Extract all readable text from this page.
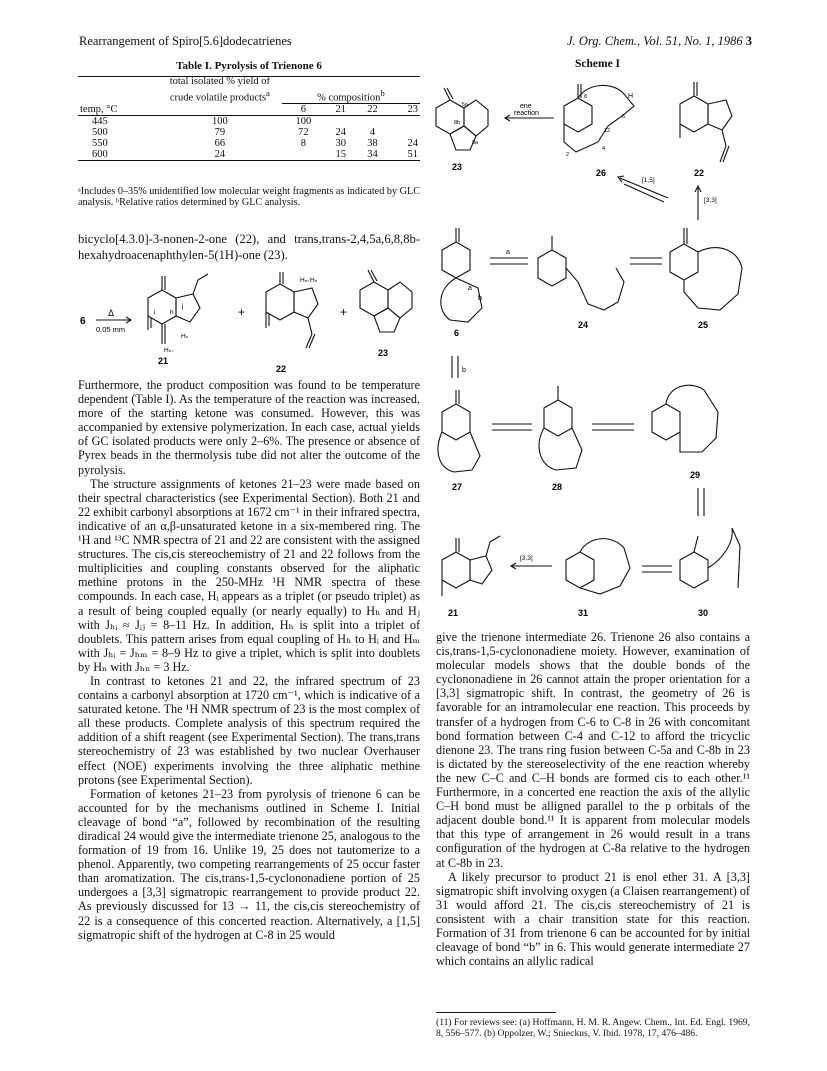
Rearrangement of Spiro[5.6]dodecatrienes	J. Org. Chem., Vol. 51, No. 1, 1986 3
Table I. Pyrolysis of Trienone 6
	total isolated % yield of crude volatile products$^a$	% composition$^b$
temp, °C		6	21	22	23
445	100	100			
500	79	72	24	4	
550	66	8	30	38	24
600	24		15	34	51
ᵃIncludes 0–35% unidentified low molecular weight fragments as indicated by GLC analysis. ᵇRelative ratios determined by GLC analysis.

bicyclo[4.3.0]-3-nonen-2-one (22), and trans,trans-2,4,5a,6,8,8b-hexahydroacenaphthylen-5(1H)-one (23).

6
Δ
0.05 mm
21
22
23
+	+
Hₙ
Hₘ
Hₘ Hₙ
h
i
j

Furthermore, the product composition was found to be temperature dependent (Table I). As the temperature of the reaction was increased, more of the starting ketone was consumed. However, this was accompanied by extensive polymerization. In each case, actual yields of GC isolated products were only 2–6%. The presence or absence of Pyrex beads in the thermolysis tube did not alter the outcome of the pyrolysis.

The structure assignments of ketones 21–23 were made based on their spectral characteristics (see Experimental Section). Both 21 and 22 exhibit carbonyl absorptions at 1672 cm⁻¹ in their infrared spectra, indicative of an α,β-unsaturated ketone in a six-membered ring. The ¹H and ¹³C NMR spectra of 21 and 22 are consistent with the assigned structures. The cis,cis stereochemistry of 21 and 22 follows from the multiplicities and coupling constants observed for the aliphatic methine protons in the 250-MHz ¹H NMR spectra of these compounds. In each case, Hᵢ appears as a triplet (or pseudo triplet) as a result of being coupled equally (or nearly equally) to Hₕ and Hⱼ with Jₕᵢ ≈ Jᵢⱼ = 8–11 Hz. In addition, Hₕ is split into a triplet of doublets. This pattern arises from equal coupling of Hₕ to Hᵢ and Hₘ with Jₕᵢ = Jₕₘ = 8–9 Hz to give a triplet, which is split into doublets by Hₙ with Jₕₙ = 3 Hz.

In contrast to ketones 21 and 22, the infrared spectrum of 23 contains a carbonyl absorption at 1720 cm⁻¹, which is indicative of a saturated ketone. The ¹H NMR spectrum of 23 is the most complex of all these products. Complete analysis of this spectrum required the addition of a shift reagent (see Experimental Section). The trans,trans stereochemistry of 23 was established by two nuclear Overhauser effect (NOE) experiments involving the three aliphatic methine protons (see Experimental Section).

Formation of ketones 21–23 from pyrolysis of trienone 6 can be accounted for by the mechanisms outlined in Scheme I. Initial cleavage of bond “a”, followed by recombination of the resulting diradical 24 would give the intermediate trienone 25, analogous to the formation of 19 from 16. Unlike 19, 25 does not tautomerize to a phenol. Apparently, two competing rearrangements of 25 occur faster than aromatization. The cis,trans-1,5-cyclononadiene portion of 25 undergoes a [3,3] sigmatropic rearrangement to provide product 22. As previously discussed for 13 → 11, the cis,cis stereochemistry of 22 is a consequence of this concerted reaction. Alternatively, a [1,5] sigmatropic shift of the hydrogen at C-8 in 25 would

Scheme I
23
26	22
ene
reaction
[1,5]
[3,3]
6
24	25
a
a
b
b
27	28
29
21	31	30
[3,3]
5a
8b
8a
8
6
12
2
4
H

give the trienone intermediate 26. Trienone 26 also contains a cis,trans-1,5-cyclononadiene moiety. However, examination of molecular models shows that the double bonds of the cyclononadiene in 26 cannot attain the proper orientation for a [3,3] sigmatropic shift. In contrast, the geometry of 26 is favorable for an intramolecular ene reaction. This proceeds by transfer of a hydrogen from C-6 to C-8 in 26 with concomitant bond formation between C-4 and C-12 to afford the tricyclic dienone 23. The trans ring fusion between C-5a and C-8b in 23 is dictated by the stereoselectivity of the ene reaction whereby the new C–C and C–H bonds are formed cis to each other.¹¹ Furthermore, in a concerted ene reaction the axis of the allylic C–H bond must be alligned parallel to the p orbitals of the adjacent double bond.¹¹ It is apparent from molecular models that this type of arrangement in 26 would result in a trans configuration of the hydrogen at C-8a relative to the hydrogen at C-8b in 23.

A likely precursor to product 21 is enol ether 31. A [3,3] sigmatropic shift involving oxygen (a Claisen rearrangement) of 31 would afford 21. The cis,cis stereochemistry of 21 is consistent with a chair transition state for this reaction. Formation of 31 from trienone 6 can be accounted for by initial cleavage of bond “b” in 6. This would generate intermediate 27 which contains an allylic radical

(11) For reviews see: (a) Hoffmann, H. M. R. Angew. Chem., Int. Ed. Engl. 1969, 8, 556–577. (b) Oppolzer, W.; Snieckus, V. Ibid. 1978, 17, 476–486.
